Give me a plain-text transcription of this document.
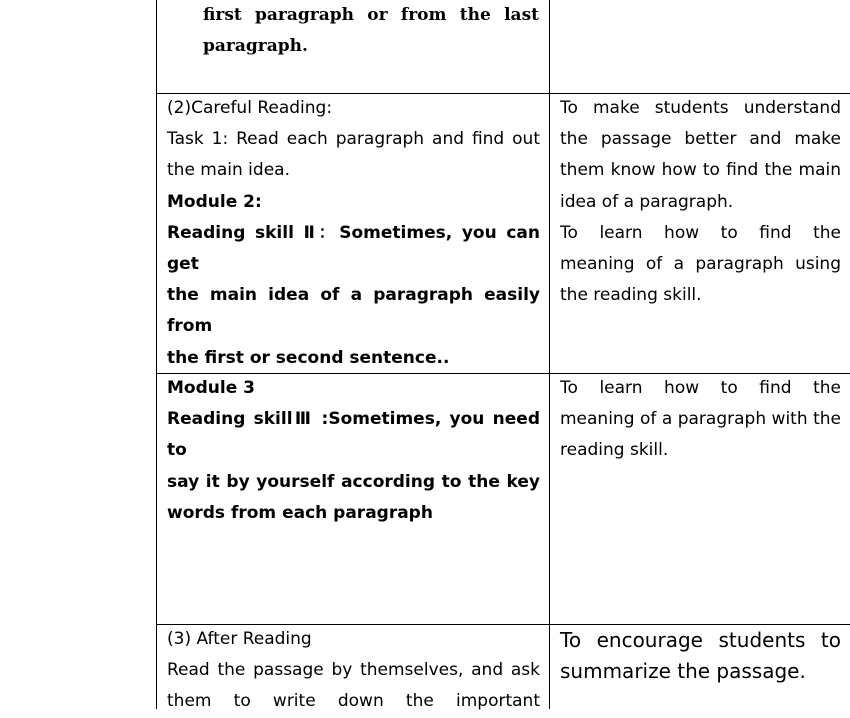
first paragraph or from the last
paragraph.
(2)Careful Reading:
Task 1: Read each paragraph and find out
the main idea.
Module 2:
Reading skill Ⅱ：Sometimes, you can get
the main idea of a paragraph easily from
the first or second sentence..
To make students understand
the passage better and make
them know how to find the main
idea of a paragraph.
To learn how to find the
meaning of a paragraph using
the reading skill.
Module 3
Reading skillⅢ :Sometimes, you need to
say it by yourself according to the key
words from each paragraph
To learn how to find the
meaning of a paragraph with the
reading skill.
(3) After Reading
Read the passage by themselves, and ask
them to write down the important
To encourage students to
summarize the passage.
